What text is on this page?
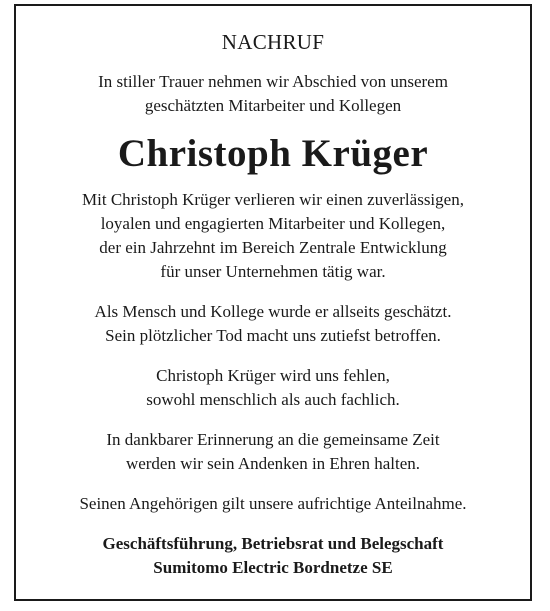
NACHRUF
In stiller Trauer nehmen wir Abschied von unserem
geschätzten Mitarbeiter und Kollegen
Christoph Krüger
Mit Christoph Krüger verlieren wir einen zuverlässigen,
loyalen und engagierten Mitarbeiter und Kollegen,
der ein Jahrzehnt im Bereich Zentrale Entwicklung
für unser Unternehmen tätig war.
Als Mensch und Kollege wurde er allseits geschätzt.
Sein plötzlicher Tod macht uns zutiefst betroffen.
Christoph Krüger wird uns fehlen,
sowohl menschlich als auch fachlich.
In dankbarer Erinnerung an die gemeinsame Zeit
werden wir sein Andenken in Ehren halten.
Seinen Angehörigen gilt unsere aufrichtige Anteilnahme.
Geschäftsführung, Betriebsrat und Belegschaft
Sumitomo Electric Bordnetze SE
